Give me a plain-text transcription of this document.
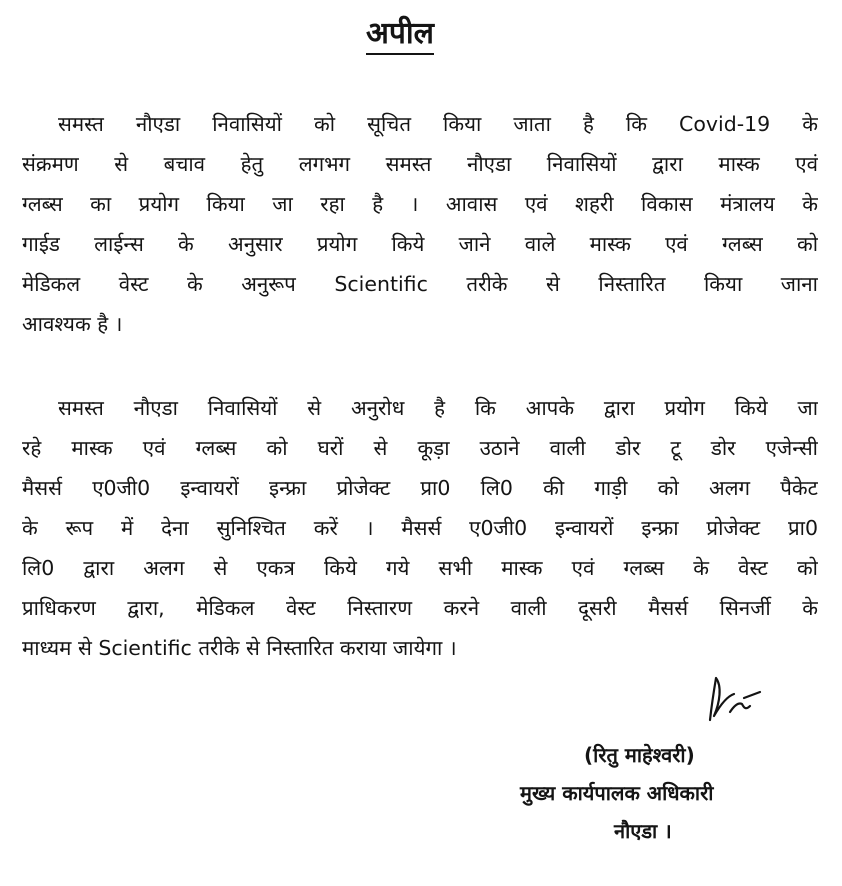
अपील
समस्त नौएडा निवासियों को सूचित किया जाता है कि Covid-19 के
संक्रमण से बचाव हेतु लगभग समस्त नौएडा निवासियों द्वारा मास्क एवं
ग्लब्स का प्रयोग किया जा रहा है । आवास एवं शहरी विकास मंत्रालय के
गाईड लाईन्स के अनुसार प्रयोग किये जाने वाले मास्क एवं ग्लब्स को
मेडिकल वेस्ट के अनुरूप Scientific तरीके से निस्तारित किया जाना
आवश्यक है ।
समस्त नौएडा निवासियों से अनुरोध है कि आपके द्वारा प्रयोग किये जा
रहे मास्क एवं ग्लब्स को घरों से कूड़ा उठाने वाली डोर टू डोर एजेन्सी
मैसर्स ए0जी0 इन्वायरों इन्फ्रा प्रोजेक्ट प्रा0 लि0 की गाड़ी को अलग पैकेट
के रूप में देना सुनिश्चित करें । मैसर्स ए0जी0 इन्वायरों इन्फ्रा प्रोजेक्ट प्रा0
लि0 द्वारा अलग से एकत्र किये गये सभी मास्क एवं ग्लब्स के वेस्ट को
प्राधिकरण द्वारा, मेडिकल वेस्ट निस्तारण करने वाली दूसरी मैसर्स सिनर्जी के
माध्यम से Scientific तरीके से निस्तारित कराया जायेगा ।
(रितु माहेश्वरी)
मुख्य कार्यपालक अधिकारी
नौएडा ।
